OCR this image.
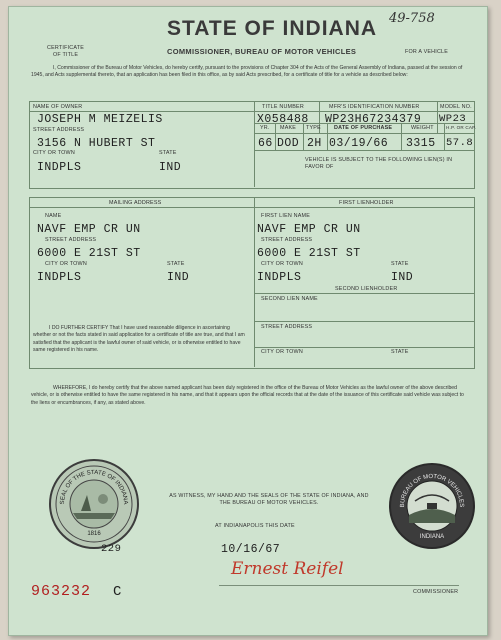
STATE OF INDIANA 49-758
CERTIFICATE
OF TITLE	COMMISSIONER, BUREAU OF MOTOR VEHICLES	FOR A VEHICLE
I, Commissioner of the Bureau of Motor Vehicles, do hereby certify, pursuant to the provisions of Chapter 304 of the Acts of the General Assembly of Indiana, passed at the session of 1945, and Acts supplemental thereto, that an application has been filed in this office, as by said Acts prescribed, for a certificate of title for a vehicle as described below:
NAME OF OWNER
JOSEPH M MEIZELIS
STREET ADDRESS
3156 N HUBERT ST
CITY OR TOWN	STATE
INDPLS	IND
TITLE NUMBER
X058488
MFR'S IDENTIFICATION NUMBER
WP23H67234379
MODEL NO.
WP23
YR. MAKE TYPE DATE OF PURCHASE	WEIGHT	H.P. OR CAP.
66 DOD 2H 03/19/66 3315 57.8
VEHICLE IS SUBJECT TO THE FOLLOWING LIEN(S) IN FAVOR OF
MAILING ADDRESS	FIRST LIENHOLDER
NAME
NAVF EMP CR UN
STREET ADDRESS
6000 E 21ST ST
CITY OR TOWN	STATE
INDPLS	IND
FIRST LIEN NAME
NAVF EMP CR UN
STREET ADDRESS
6000 E 21ST ST
CITY OR TOWN	STATE
INDPLS	IND
SECOND LIENHOLDER
SECOND LIEN NAME
STREET ADDRESS
CITY OR TOWN	STATE
I DO FURTHER CERTIFY That I have used reasonable diligence in ascertaining whether or not the facts stated in said application for a certificate of title are true, and that I am satisfied that the applicant is the lawful owner of said vehicle, or is otherwise entitled to have same registered in his name.
WHEREFORE, I do hereby certify that the above named applicant has been duly registered in the office of the Bureau of Motor Vehicles as the lawful owner of the above described vehicle, or is otherwise entitled to have the same registered in his name, and that it appears upon the official records that at the date of the issuance of this certificate said vehicle was subject to the liens or encumbrances, if any, as stated above.
SEAL OF THE STATE OF INDIANA
1816
BUREAU OF MOTOR VEHICLES
INDIANA
AS WITNESS, MY HAND AND THE SEALS OF THE STATE OF INDIANA, AND THE BUREAU OF MOTOR VEHICLES.
AT INDIANAPOLIS THIS DATE
10/16/67
229
Ernest Reifel
COMMISSIONER
963232 C
